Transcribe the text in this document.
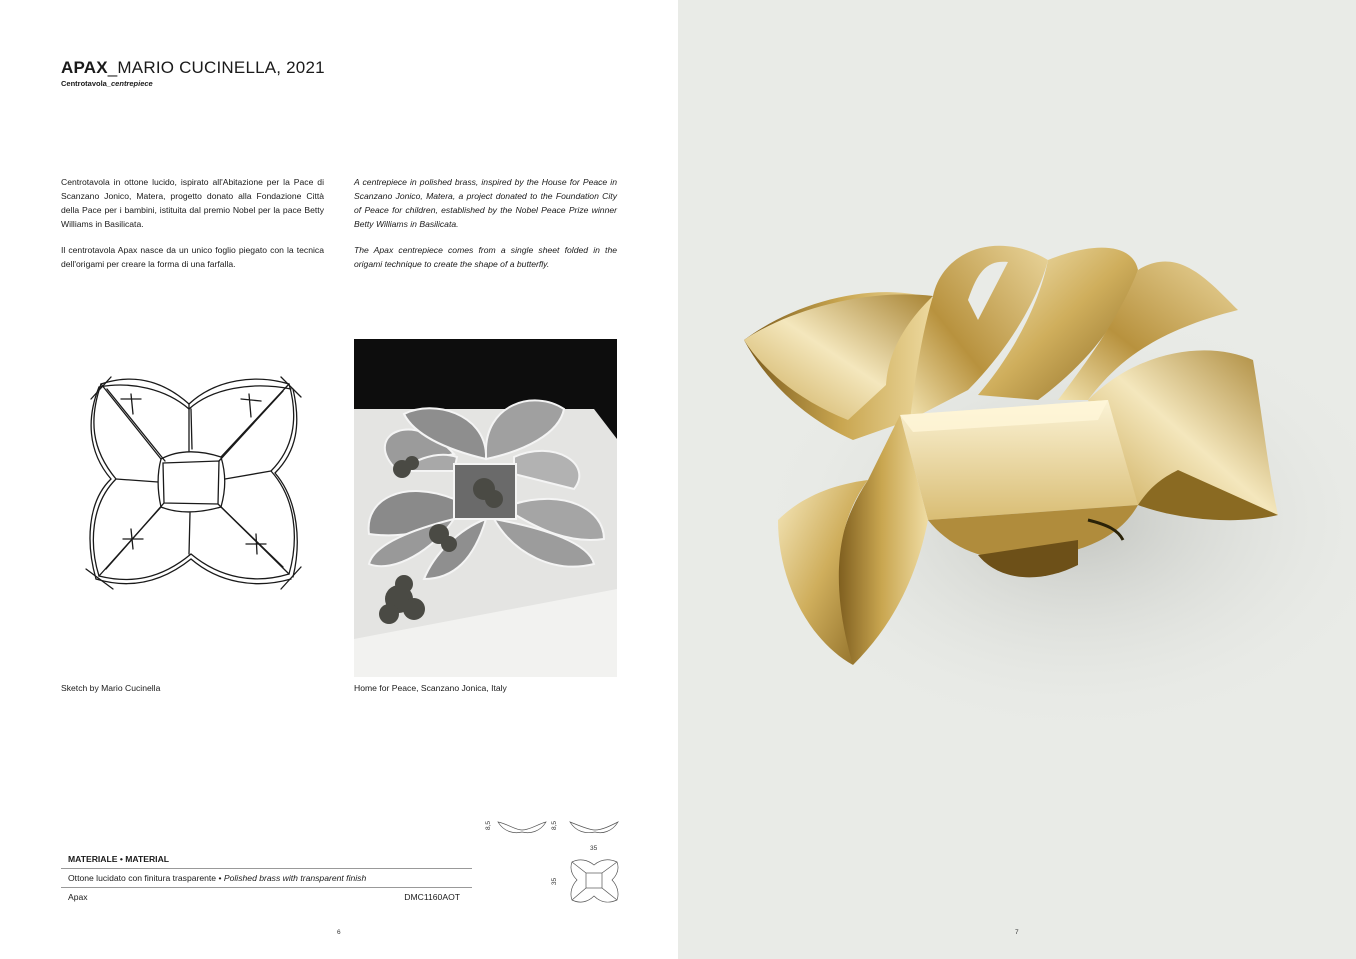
APAX_MARIO CUCINELLA, 2021
Centrotavola_centrepiece

Centrotavola in ottone lucido, ispirato all'Abitazione per la Pace di Scanzano Jonico, Matera, progetto donato alla Fondazione Città della Pace per i bambini, istituita dal premio Nobel per la pace Betty Williams in Basilicata.

Il centrotavola Apax nasce da un unico foglio piegato con la tecnica dell'origami per creare la forma di una farfalla.

A centrepiece in polished brass, inspired by the House for Peace in Scanzano Jonico, Matera, a project donated to the Foundation City of Peace for children, established by the Nobel Peace Prize winner Betty Williams in Basilicata.

The Apax centrepiece comes from a single sheet folded in the origami technique to create the shape of a butterfly.

Sketch by Mario Cucinella	Home for Peace, Scanzano Jonica, Italy
8,5	8,5
35
35
MATERIALE • MATERIAL
Ottone lucidato con finitura trasparente • Polished brass with transparent finish
Apax	DMC1160AOT
6	7
